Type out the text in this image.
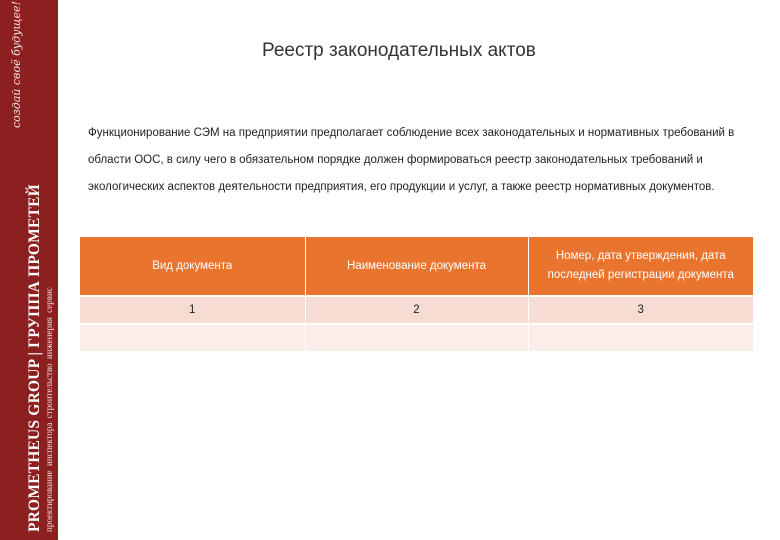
создай своё будущее!
PROMETHEUS GROUP | ГРУППА ПРОМЕТЕЙ проектирование инспектора строительство инженерия сервис
Реестр законодательных актов
Функционирование СЭМ на предприятии предполагает соблюдение всех законодательных и нормативных требований в области ООС, в силу чего в обязательном порядке должен формироваться реестр законодательных требований и экологических аспектов деятельности предприятия, его продукции и услуг, а также реестр нормативных документов.
Вид документа	Наименование документа	Номер, дата утверждения, дата последней регистрации документа
1	2	3
